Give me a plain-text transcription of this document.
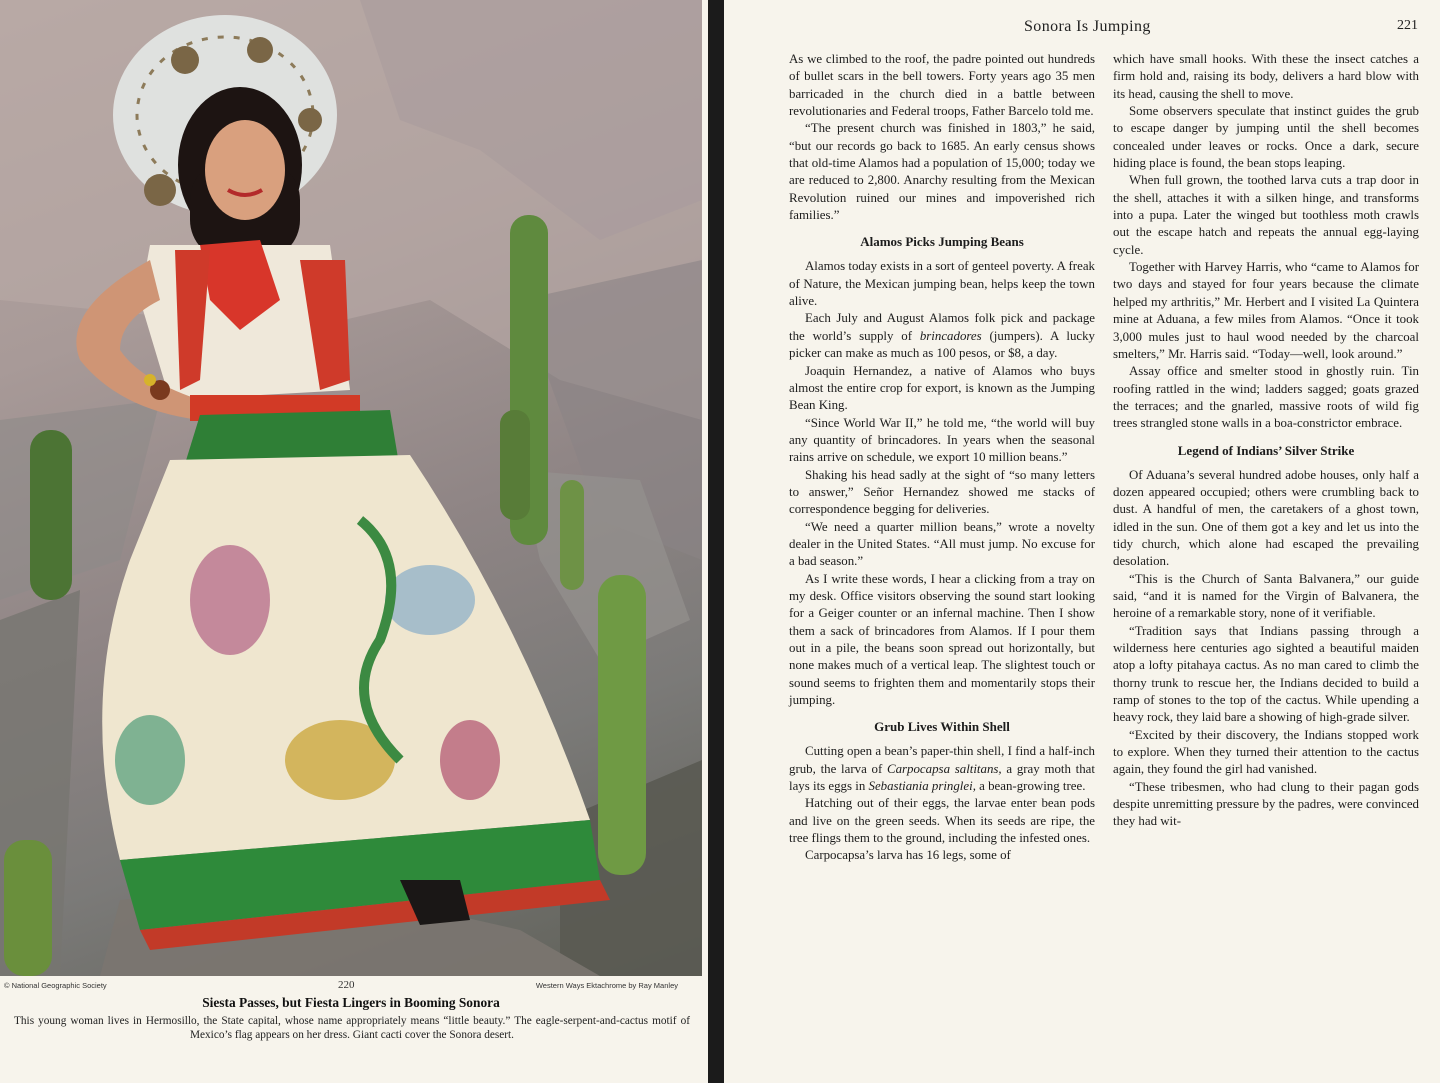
© National Geographic Society	220	Western Ways Ektachrome by Ray Manley
Siesta Passes, but Fiesta Lingers in Booming Sonora
This young woman lives in Hermosillo, the State capital, whose name appropriately means “little beauty.” The eagle-serpent-and-cactus motif of Mexico’s flag appears on her dress. Giant cacti cover the Sonora desert.
Sonora Is Jumping	221

As we climbed to the roof, the padre pointed out hundreds of bullet scars in the bell towers. Forty years ago 35 men barricaded in the church died in a battle between revolutionaries and Federal troops, Father Barcelo told me.

“The present church was finished in 1803,” he said, “but our records go back to 1685. An early census shows that old-time Alamos had a population of 15,000; today we are reduced to 2,800. Anarchy resulting from the Mexican Revolution ruined our mines and impoverished rich families.”

Alamos Picks Jumping Beans

Alamos today exists in a sort of genteel poverty. A freak of Nature, the Mexican jumping bean, helps keep the town alive.

Each July and August Alamos folk pick and package the world’s supply of brincadores (jumpers). A lucky picker can make as much as 100 pesos, or $8, a day.

Joaquin Hernandez, a native of Alamos who buys almost the entire crop for export, is known as the Jumping Bean King.

“Since World War II,” he told me, “the world will buy any quantity of brincadores. In years when the seasonal rains arrive on schedule, we export 10 million beans.”

Shaking his head sadly at the sight of “so many letters to answer,” Señor Hernandez showed me stacks of correspondence begging for deliveries.

“We need a quarter million beans,” wrote a novelty dealer in the United States. “All must jump. No excuse for a bad season.”

As I write these words, I hear a clicking from a tray on my desk. Office visitors observing the sound start looking for a Geiger counter or an infernal machine. Then I show them a sack of brincadores from Alamos. If I pour them out in a pile, the beans soon spread out horizontally, but none makes much of a vertical leap. The slightest touch or sound seems to frighten them and momentarily stops their jumping.

Grub Lives Within Shell

Cutting open a bean’s paper-thin shell, I find a half-inch grub, the larva of Carpocapsa saltitans, a gray moth that lays its eggs in Sebastiania pringlei, a bean-growing tree.

Hatching out of their eggs, the larvae enter bean pods and live on the green seeds. When its seeds are ripe, the tree flings them to the ground, including the infested ones.

Carpocapsa’s larva has 16 legs, some of

which have small hooks. With these the insect catches a firm hold and, raising its body, delivers a hard blow with its head, causing the shell to move.

Some observers speculate that instinct guides the grub to escape danger by jumping until the shell becomes concealed under leaves or rocks. Once a dark, secure hiding place is found, the bean stops leaping.

When full grown, the toothed larva cuts a trap door in the shell, attaches it with a silken hinge, and transforms into a pupa. Later the winged but toothless moth crawls out the escape hatch and repeats the annual egg-laying cycle.

Together with Harvey Harris, who “came to Alamos for two days and stayed for four years because the climate helped my arthritis,” Mr. Herbert and I visited La Quintera mine at Aduana, a few miles from Alamos. “Once it took 3,000 mules just to haul wood needed by the charcoal smelters,” Mr. Harris said. “Today—well, look around.”

Assay office and smelter stood in ghostly ruin. Tin roofing rattled in the wind; ladders sagged; goats grazed the terraces; and the gnarled, massive roots of wild fig trees strangled stone walls in a boa-constrictor embrace.

Legend of Indians’ Silver Strike

Of Aduana’s several hundred adobe houses, only half a dozen appeared occupied; others were crumbling back to dust. A handful of men, the caretakers of a ghost town, idled in the sun. One of them got a key and let us into the tidy church, which alone had escaped the prevailing desolation.

“This is the Church of Santa Balvanera,” our guide said, “and it is named for the Virgin of Balvanera, the heroine of a remarkable story, none of it verifiable.

“Tradition says that Indians passing through a wilderness here centuries ago sighted a beautiful maiden atop a lofty pitahaya cactus. As no man cared to climb the thorny trunk to rescue her, the Indians decided to build a ramp of stones to the top of the cactus. While upending a heavy rock, they laid bare a showing of high-grade silver.

“Excited by their discovery, the Indians stopped work to explore. When they turned their attention to the cactus again, they found the girl had vanished.

“These tribesmen, who had clung to their pagan gods despite unremitting pressure by the padres, were convinced they had wit-
